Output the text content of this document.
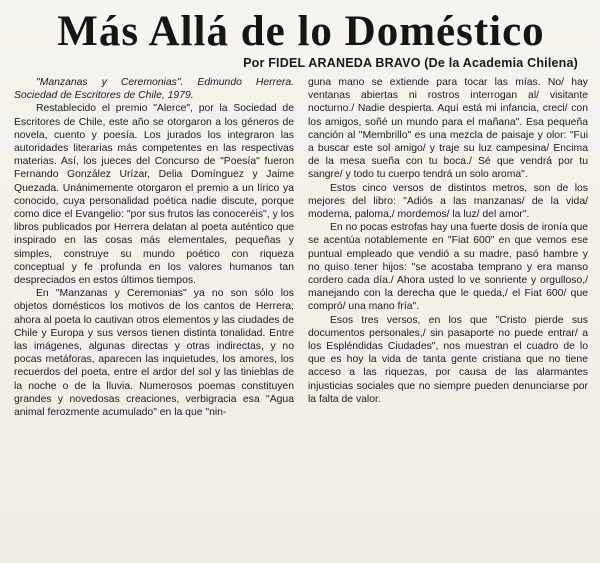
Más Allá de lo Doméstico
Por FIDEL ARANEDA BRAVO (De la Academia Chilena)

"Manzanas y Ceremonias". Edmundo Herrera. Sociedad de Escritores de Chile, 1979.

Restablecido el premio "Alerce", por la Sociedad de Escritores de Chile, este año se otorgaron a los géneros de novela, cuento y poesía. Los jurados los integraron las autoridades literarias más competentes en las respectivas materias. Así, los jueces del Concurso de "Poesía" fueron Fernando González Urízar, Delia Domínguez y Jaime Quezada. Unánimemente otorgaron el premio a un lírico ya conocido, cuya personalidad poética nadie discute, porque como dice el Evangelio: "por sus frutos las conoceréis", y los libros publicados por Herrera delatan al poeta auténtico que inspirado en las cosas más elementales, pequeñas y simples, construye su mundo poético con riqueza conceptual y fe profunda en los valores humanos tan despreciados en estos últimos tiempos.

En "Manzanas y Ceremonias" ya no son sólo los objetos domésticos los motivos de los cantos de Herrera; ahora al poeta lo cautivan otros elementos y las ciudades de Chile y Europa y sus versos tienen distinta tonalidad. Entre las imágenes, algunas directas y otras indirectas, y no pocas metáforas, aparecen las inquietudes, los amores, los recuerdos del poeta, entre el ardor del sol y las tinieblas de la noche o de la lluvia. Numerosos poemas constituyen grandes y novedosas creaciones, verbigracia esa "Agua animal ferozmente acumulado" en la que "nin-

guna mano se extiende para tocar las mías. No/ hay ventanas abiertas ni rostros interrogan al/ visitante nocturno./ Nadie despierta. Aquí está mi infancia, creci/ con los amigos, soñé un mundo para el mañana". Esa pequeña canción al "Membrillo" es una mezcla de paisaje y olor: "Fui a buscar este sol amigo/ y traje su luz campesina/ Encima de la mesa sueña con tu boca./ Sé que vendrá por tu sangre/ y todo tu cuerpo tendrá un solo aroma".

Estos cinco versos de distintos metros, son de los mejores del libro: "Adiós a las manzanas/ de la vida/ moderna, paloma,/ mordemos/ la luz/ del amor".

En no pocas estrofas hay una fuerte dosis de ironía que se acentúa notablemente en "Fiat 600" en que vemos ese puntual empleado que vendió a su madre, pasó hambre y no quiso tener hijos: "se acostaba temprano y era manso cordero cada día./ Ahora usted lo ve sonriente y orgulloso,/ manejando con la derecha que le queda,/ el Fiat 600/ que compró/ una mano fría".

Esos tres versos, en los que "Cristo pierde sus documentos personales,/ sin pasaporte no puede entrar/ a los Espléndidas Ciudades", nos muestran el cuadro de lo que es hoy la vida de tanta gente cristiana que no tiene acceso a las riquezas, por causa de las alarmantes injusticias sociales que no siempre pueden denunciarse por la falta de valor.
